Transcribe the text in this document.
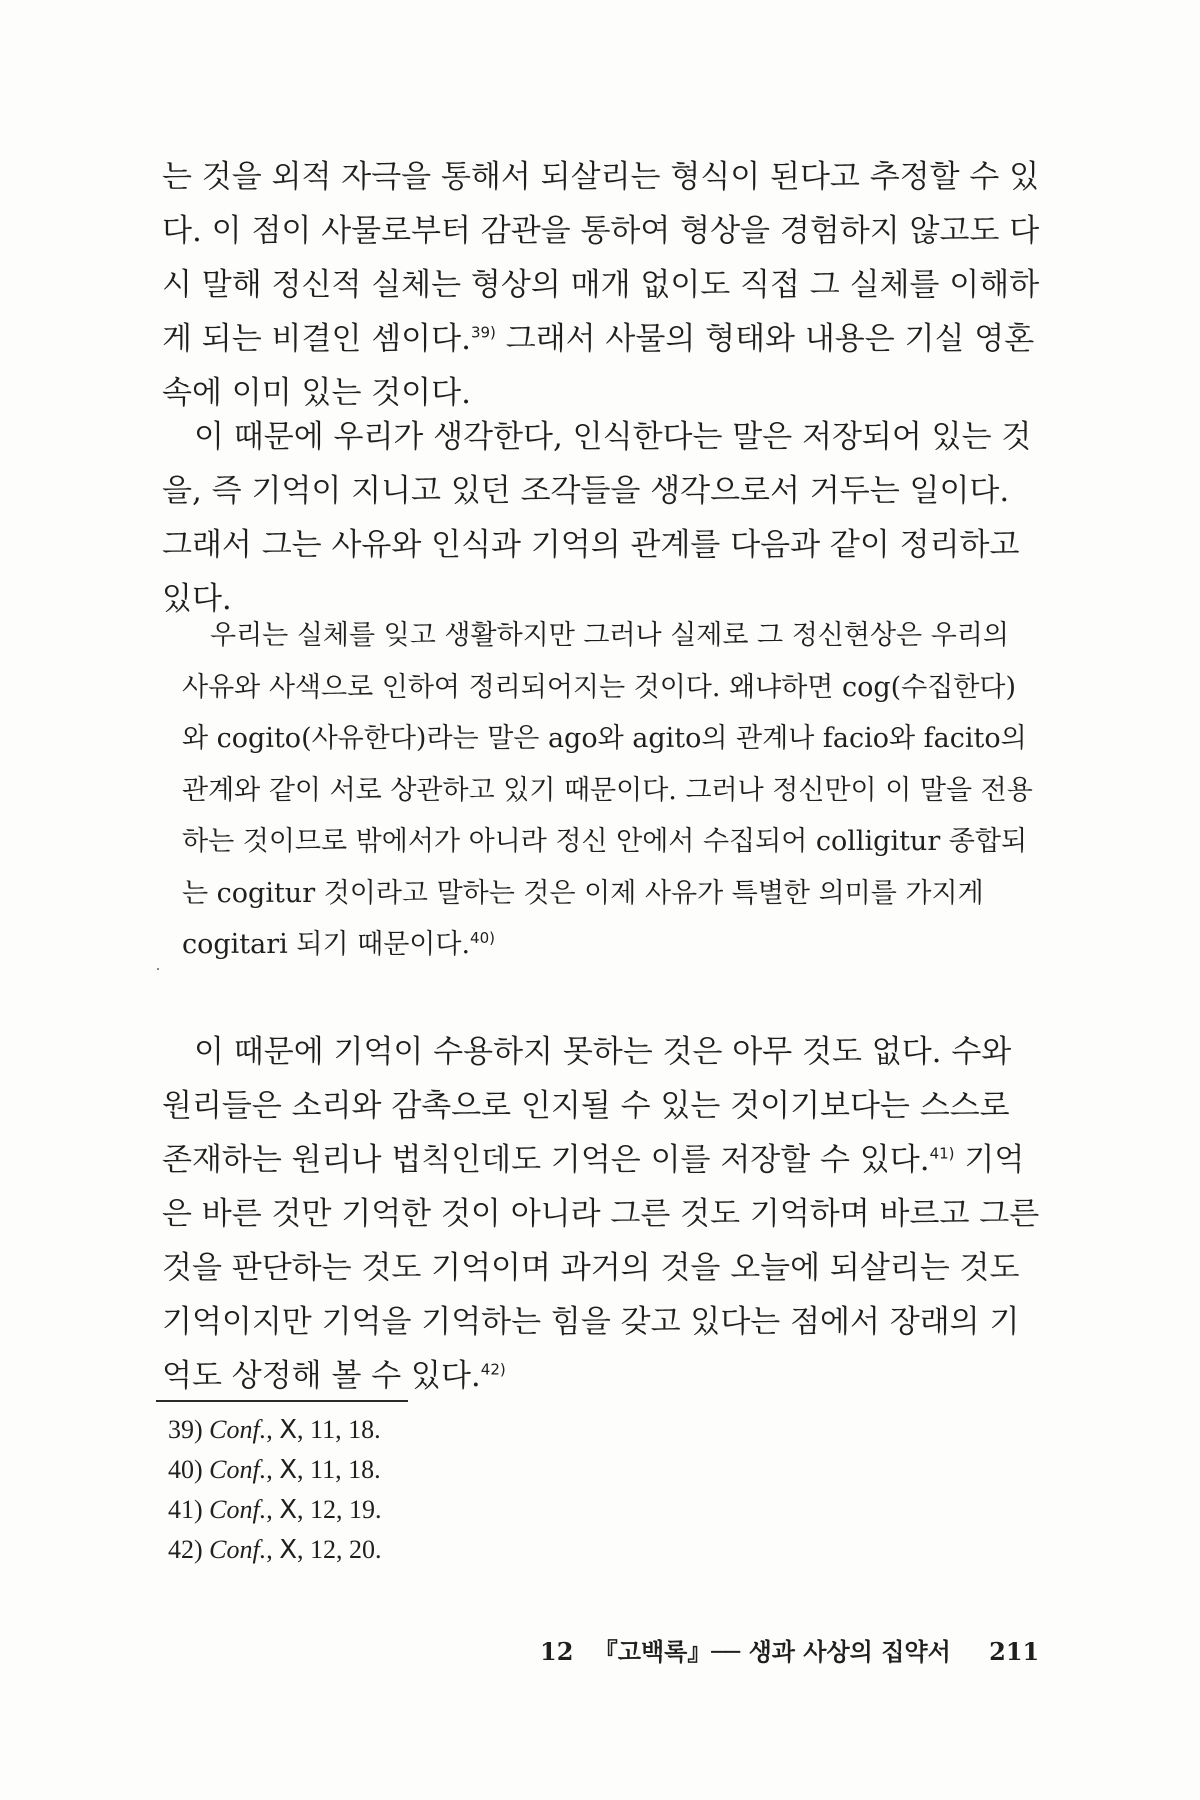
는 것을 외적 자극을 통해서 되살리는 형식이 된다고 추정할 수 있다. 이 점이 사물로부터 감관을 통하여 형상을 경험하지 않고도 다시 말해 정신적 실체는 형상의 매개 없이도 직접 그 실체를 이해하게 되는 비결인 셈이다.$^{39)}$ 그래서 사물의 형태와 내용은 기실 영혼 속에 이미 있는 것이다.

이 때문에 우리가 생각한다, 인식한다는 말은 저장되어 있는 것을, 즉 기억이 지니고 있던 조각들을 생각으로서 거두는 일이다. 그래서 그는 사유와 인식과 기억의 관계를 다음과 같이 정리하고 있다.

우리는 실체를 잊고 생활하지만 그러나 실제로 그 정신현상은 우리의 사유와 사색으로 인하여 정리되어지는 것이다. 왜냐하면 cog(수집한다)와 cogito(사유한다)라는 말은 ago와 agito의 관계나 facio와 facito의 관계와 같이 서로 상관하고 있기 때문이다. 그러나 정신만이 이 말을 전용하는 것이므로 밖에서가 아니라 정신 안에서 수집되어 colligitur 종합되는 cogitur 것이라고 말하는 것은 이제 사유가 특별한 의미를 가지게 cogitari 되기 때문이다.$^{40)}$

이 때문에 기억이 수용하지 못하는 것은 아무 것도 없다. 수와 원리들은 소리와 감촉으로 인지될 수 있는 것이기보다는 스스로 존재하는 원리나 법칙인데도 기억은 이를 저장할 수 있다.$^{41)}$ 기억은 바른 것만 기억한 것이 아니라 그른 것도 기억하며 바르고 그른 것을 판단하는 것도 기억이며 과거의 것을 오늘에 되살리는 것도 기억이지만 기억을 기억하는 힘을 갖고 있다는 점에서 장래의 기억도 상정해 볼 수 있다.$^{42)}$

39) Conf., Ⅹ, 11, 18.
40) Conf., Ⅹ, 11, 18.
41) Conf., Ⅹ, 12, 19.
42) Conf., Ⅹ, 12, 20.
12 『고백록』── 생과 사상의 집약서 211
